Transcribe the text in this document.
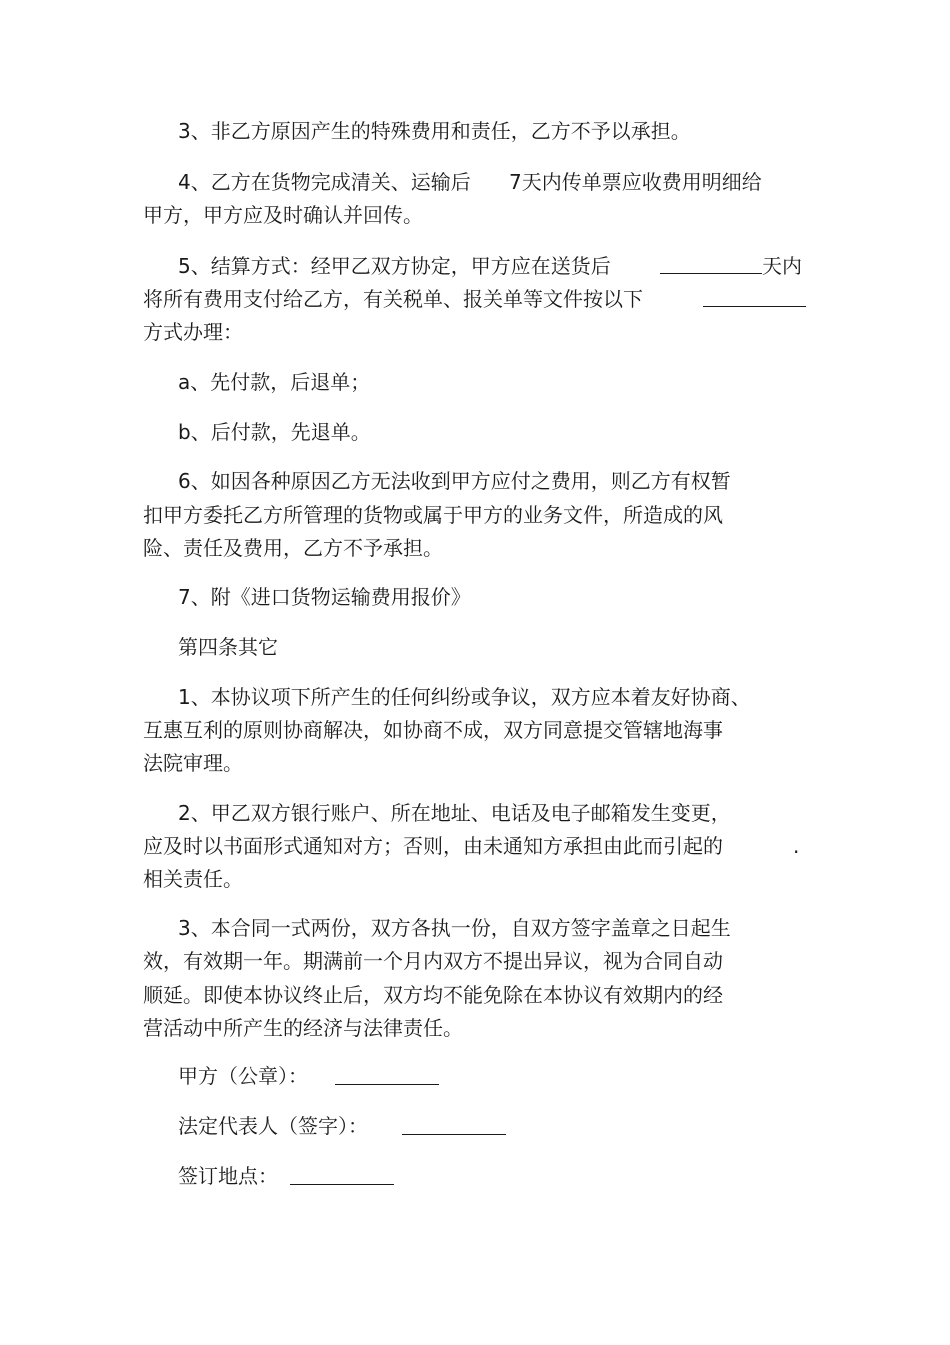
3、非乙方原因产生的特殊费用和责任，乙方不予以承担。
4、乙方在货物完成清关、运输后 7天内传单票应收费用明细给
甲方，甲方应及时确认并回传。
5、结算方式：经甲乙双方协定，甲方应在送货后	天内
将所有费用支付给乙方，有关税单、报关单等文件按以下
方式办理：
a、先付款，后退单；
b、后付款，先退单。
6、如因各种原因乙方无法收到甲方应付之费用，则乙方有权暂
扣甲方委托乙方所管理的货物或属于甲方的业务文件，所造成的风
险、责任及费用，乙方不予承担。
7、附《进口货物运输费用报价》
第四条其它
1、本协议项下所产生的任何纠纷或争议，双方应本着友好协商、
互惠互利的原则协商解决，如协商不成，双方同意提交管辖地海事
法院审理。
2、甲乙双方银行账户、所在地址、电话及电子邮箱发生变更，
应及时以书面形式通知对方；否则，由未通知方承担由此而引起的	.
相关责任。
3、本合同一式两份，双方各执一份，自双方签字盖章之日起生
效，有效期一年。期满前一个月内双方不提出异议，视为合同自动
顺延。即使本协议终止后，双方均不能免除在本协议有效期内的经
营活动中所产生的经济与法律责任。
甲方（公章）：
法定代表人（签字）：
签订地点：
